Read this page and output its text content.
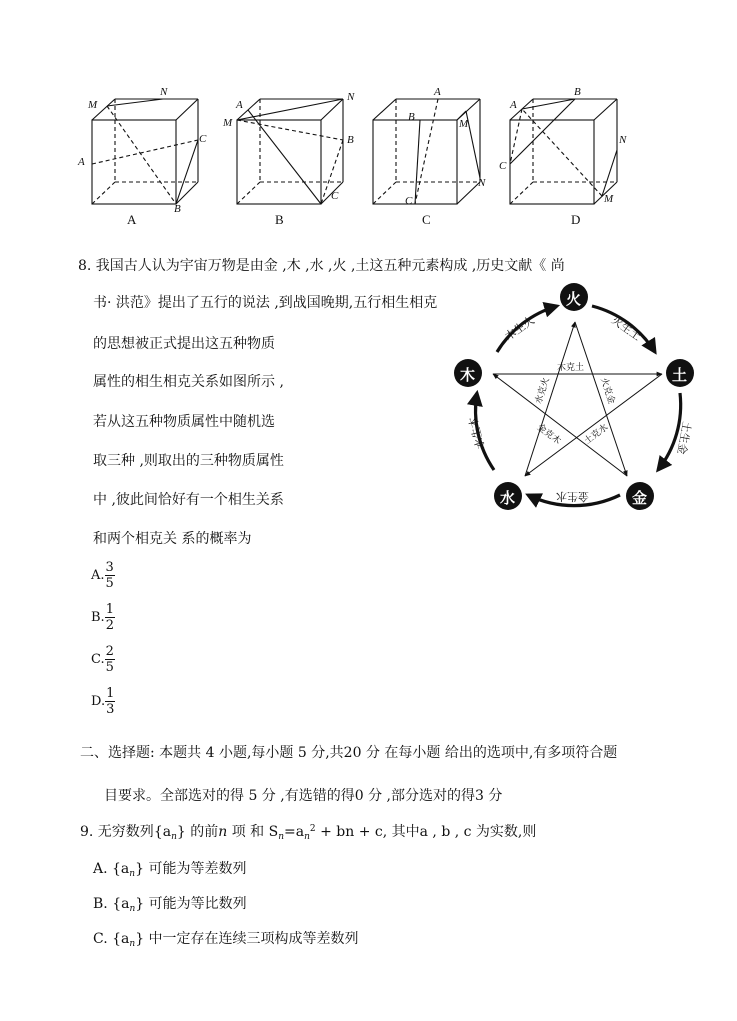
M
N
A
C
B
A
M
N
B
C
A
B
M
N
C
A
B
C
N
M
A	B	C	D
8. 我国古人认为宇宙万物是由金 ,木 ,水 ,火 ,土这五种元素构成 ,历史文献《 尚
书· 洪范》提出了五行的说法 ,到战国晚期,五行相生相克
的思想被正式提出这五种物质
属性的相生相克关系如图所示 ,
若从这五种物质属性中随机选
取三种 ,则取出的三种物质属性
中 ,彼此间恰好有一个相生关系
和两个相克关 系的概率为
A. $\frac{3}{5}$
B. $\frac{1}{2}$
C. $\frac{2}{5}$
D. $\frac{1}{3}$
火
土
金
水
木
木生火	火生土
土生金
金生水
水生木
木克土
水克火	火克金
金克木 土克水
二、选择题: 本题共 4 小题,每小题 5 分,共20 分 在每小题 给出的选项中,有多项符合题
目要求。全部选对的得 5 分 ,有选错的得0 分 ,部分选对的得3 分
9. 无穷数列$\{a_n\}$ 的前n 项 和 $S_n=a_n^2$ + bn + c, 其中a , b , c 为实数,则
A. $\{a_n\}$ 可能为等差数列
B. $\{a_n\}$ 可能为等比数列
C. $\{a_n\}$ 中一定存在连续三项构成等差数列
